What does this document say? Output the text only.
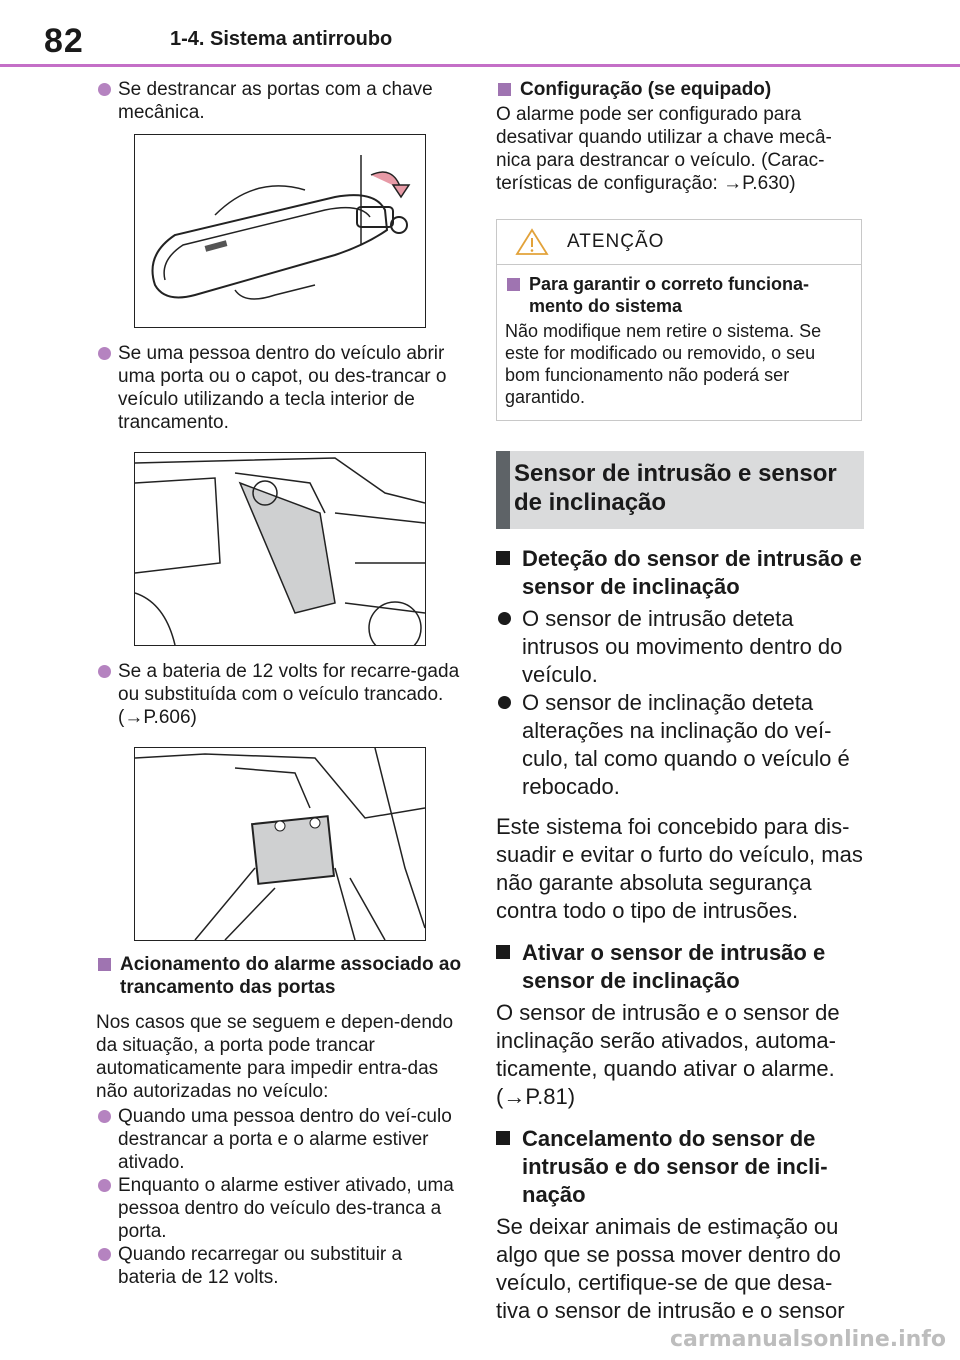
82	1-4. Sistema antirroubo
Se destrancar as portas com a chave mecânica.
Se uma pessoa dentro do veículo abrir uma porta ou o capot, ou des-trancar o veículo utilizando a tecla interior de trancamento.
Se a bateria de 12 volts for recarre-gada ou substituída com o veículo trancado. (→P.606)
Acionamento do alarme associado ao trancamento das portas
Nos casos que se seguem e depen-dendo da situação, a porta pode trancar automaticamente para impedir entra-das não autorizadas no veículo:
Quando uma pessoa dentro do veí-culo destrancar a porta e o alarme estiver ativado.
Enquanto o alarme estiver ativado, uma pessoa dentro do veículo des-tranca a porta.
Quando recarregar ou substituir a bateria de 12 volts.
Configuração (se equipado)
O alarme pode ser configurado para desativar quando utilizar a chave mecâ-nica para destrancar o veículo. (Carac-terísticas de configuração: →P.630)
ATENÇÃO
Para garantir o correto funciona-mento do sistema
Não modifique nem retire o sistema. Se este for modificado ou removido, o seu bom funcionamento não poderá ser garantido.
Sensor de intrusão e sensor de inclinação
Deteção do sensor de intrusão e sensor de inclinação
O sensor de intrusão deteta intrusos ou movimento dentro do veículo.
O sensor de inclinação deteta alterações na inclinação do veí-culo, tal como quando o veículo é rebocado.
Este sistema foi concebido para dis-suadir e evitar o furto do veículo, mas não garante absoluta segurança contra todo o tipo de intrusões.
Ativar o sensor de intrusão e sensor de inclinação
O sensor de intrusão e o sensor de inclinação serão ativados, automa-ticamente, quando ativar o alarme. (→P.81)
Cancelamento do sensor de intrusão e do sensor de incli-nação
Se deixar animais de estimação ou algo que se possa mover dentro do veículo, certifique-se de que desa-tiva o sensor de intrusão e o sensor
carmanualsonline.info
